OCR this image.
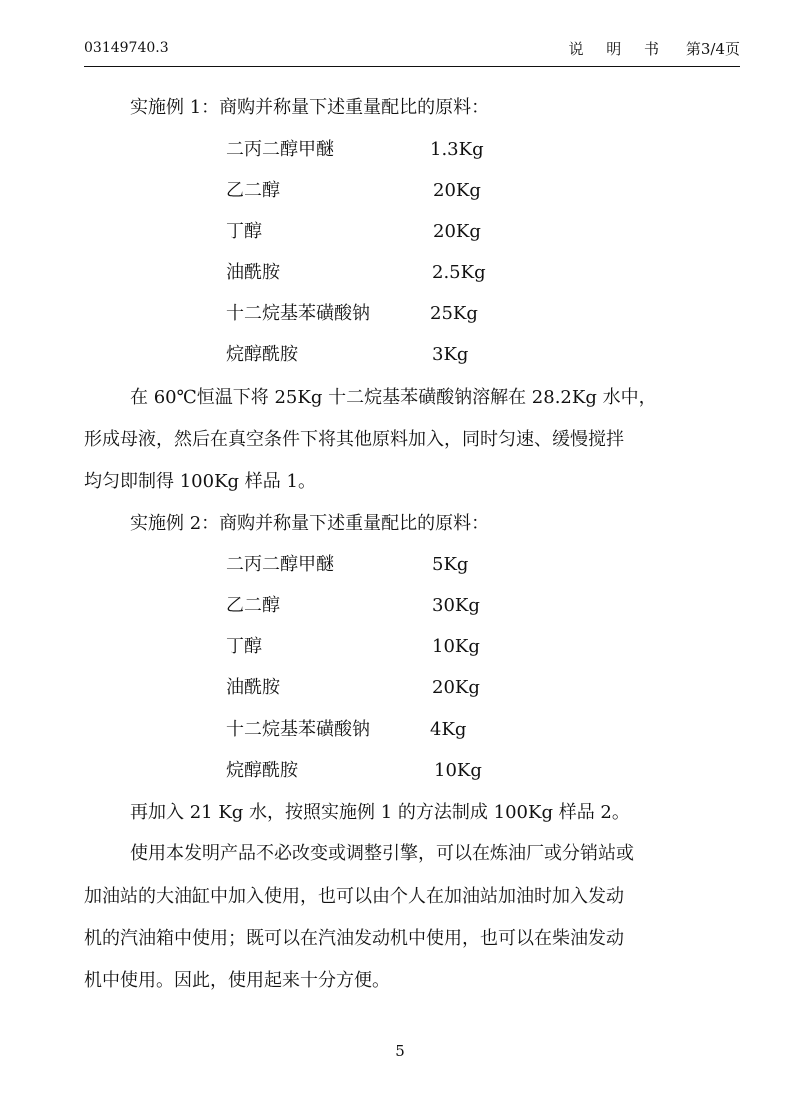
03149740.3	说 明 书 第3/4页
实施例 1：商购并称量下述重量配比的原料：
二丙二醇甲醚	1.3Kg
乙二醇	20Kg
丁醇	20Kg
油酰胺	2.5Kg
十二烷基苯磺酸钠	25Kg
烷醇酰胺	3Kg
在 60℃恒温下将 25Kg 十二烷基苯磺酸钠溶解在 28.2Kg 水中，
形成母液，然后在真空条件下将其他原料加入，同时匀速、缓慢搅拌
均匀即制得 100Kg 样品 1。
实施例 2：商购并称量下述重量配比的原料：
二丙二醇甲醚	5Kg
乙二醇	30Kg
丁醇	10Kg
油酰胺	20Kg
十二烷基苯磺酸钠	4Kg
烷醇酰胺	10Kg
再加入 21 Kg 水，按照实施例 1 的方法制成 100Kg 样品 2。
使用本发明产品不必改变或调整引擎，可以在炼油厂或分销站或
加油站的大油缸中加入使用，也可以由个人在加油站加油时加入发动
机的汽油箱中使用；既可以在汽油发动机中使用，也可以在柴油发动
机中使用。因此，使用起来十分方便。
5
